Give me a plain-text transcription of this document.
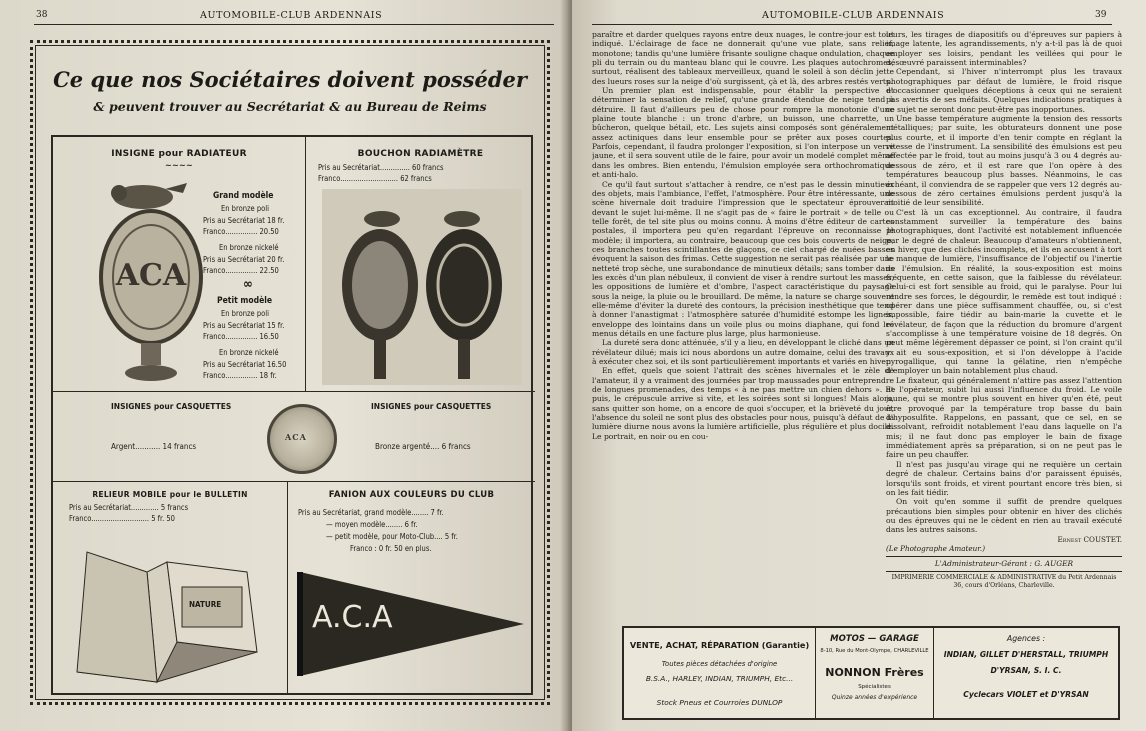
38	AUTOMOBILE-CLUB ARDENNAIS
Ce que nos Sociétaires doivent posséder
& peuvent trouver au Secrétariat & au Bureau de Reims
INSIGNE pour RADIATEUR
~~~~
ACA
Grand modèle
En bronze poli
Pris au Secrétariat 18 fr.
Franco............... 20.50
En bronze nickelé
Pris au Secrétariat 20 fr.
Franco............... 22.50
∞
Petit modèle
En bronze poli
Pris au Secrétariat 15 fr.
Franco............... 16.50
En bronze nickelé
Pris au Secrétariat 16.50
Franco............... 18 fr.
BOUCHON RADIAMÈTRE
Pris au Secrétariat.............. 60 francs
Franco........................... 62 francs
INSIGNES pour CASQUETTES
Argent........... 14 francs
ACA
INSIGNES pour CASQUETTES
Bronze argenté.... 6 francs
RELIEUR MOBILE pour le BULLETIN
Pris au Secrétariat............. 5 francs
Franco........................... 5 fr. 50
NATURE
FANION AUX COULEURS DU CLUB
Pris au Secrétariat, grand modèle........ 7 fr.
— moyen modèle........ 6 fr.
— petit modèle, pour Moto-Club.... 5 fr.
Franco : 0 fr. 50 en plus.
A.C.A
AUTOMOBILE-CLUB ARDENNAIS	39

paraître et darder quelques rayons entre deux nuages, le contre-jour est tout indiqué. L'éclairage de face ne donnerait qu'une vue plate, sans relief, monotone; tandis qu'une lumière frisante souligne chaque ondulation, chaque pli du terrain ou du manteau blanc qui le couvre. Les plaques autochromes, surtout, réalisent des tableaux merveilleux, quand le soleil à son déclin jette des lueurs roses sur la neige d'où surgissent, çà et là, des arbres restés verts.

Un premier plan est indispensable, pour établir la perspective et déterminer la sensation de relief, qu'une grande étendue de neige tend à détruire. Il faut d'ailleurs peu de chose pour rompre la monotonie d'une plaine toute blanche : un tronc d'arbre, un buisson, une charrette, un bûcheron, quelque bétail, etc. Les sujets ainsi composés sont généralement assez actiniques dans leur ensemble pour se prêter aux poses courtes. Parfois, cependant, il faudra prolonger l'exposition, si l'on interpose un verre jaune, et il sera souvent utile de le faire, pour avoir un modelé complet même dans les ombres. Bien entendu, l'émulsion employée sera orthochromatique et anti-halo.

Ce qu'il faut surtout s'attacher à rendre, ce n'est pas le dessin minutieux des objets, mais l'ambiance, l'effet, l'atmosphère. Pour être intéressante, une scène hivernale doit traduire l'impression que le spectateur éprouverait devant le sujet lui-même. Il ne s'agit pas de « faire le portrait » de telle ou telle forêt, de tel site plus ou moins connu. À moins d'être éditeur de cartes postales, il importera peu qu'en regardant l'épreuve on reconnaisse le modèle; il importera, au contraire, beaucoup que ces bois couverts de neige, ces branches toutes scintillantes de glaçons, ce ciel chargé de nuées basses évoquent la saison des frimas. Cette suggestion ne serait pas réalisée par une netteté trop sèche, une surabondance de minutieux détails; sans tomber dans les excès d'un plan nébuleux, il convient de viser à rendre surtout les masses, les oppositions de lumière et d'ombre, l'aspect caractéristique du paysage sous la neige, la pluie ou le brouillard. De même, la nature se charge souvent elle-même d'éviter la dureté des contours, la précision inesthétique que tend à donner l'anastigmat : l'atmosphère saturée d'humidité estompe les lignes, enveloppe des lointains dans un voile plus ou moins diaphane, qui fond les menus détails en une facture plus large, plus harmonieuse.

La dureté sera donc atténuée, s'il y a lieu, en développant le cliché dans un révélateur dilué; mais ici nous abordons un autre domaine, celui des travaux à exécuter chez soi, et ils sont particulièrement importants et variés en hiver.

En effet, quels que soient l'attrait des scènes hivernales et le zèle de l'amateur, il y a vraiment des journées par trop maussades pour entreprendre de longues promenades, des temps « à ne pas mettre un chien dehors ». Et puis, le crépuscule arrive si vite, et les soirées sont si longues! Mais alors, sans quitter son home, on a encore de quoi s'occuper, et la brièveté du jour, l'absence du soleil ne sont plus des obstacles pour nous, puisqu'à défaut de la lumière diurne nous avons la lumière artificielle, plus régulière et plus docile. Le portrait, en noir ou en cou-

leurs, les tirages de diapositifs ou d'épreuves sur papiers à image latente, les agrandissements, n'y a-t-il pas là de quoi employer ses loisirs, pendant les veillées qui pour le désœuvré paraissent interminables?

Cependant, si l'hiver n'interrompt plus les travaux photographiques par défaut de lumière, le froid risque d'occasionner quelques déceptions à ceux qui ne seraient pas avertis de ses méfaits. Quelques indications pratiques à ce sujet ne seront donc peut-être pas inopportunes.

Une basse température augmente la tension des ressorts métalliques; par suite, les obturateurs donnent une pose plus courte, et il importe d'en tenir compte en réglant la vitesse de l'instrument. La sensibilité des émulsions est peu affectée par le froid, tout au moins jusqu'à 3 ou 4 degrés au-dessous de zéro, et il est rare que l'on opère à des températures beaucoup plus basses. Néanmoins, le cas échéant, il conviendra de se rappeler que vers 12 degrés au-dessous de zéro certaines émulsions perdent jusqu'à la moitié de leur sensibilité.

C'est là un cas exceptionnel. Au contraire, il faudra constamment surveiller la température des bains photographiques, dont l'activité est notablement influencée par le degré de chaleur. Beaucoup d'amateurs n'obtiennent, en hiver, que des clichés incomplets, et ils en accusent à tort le manque de lumière, l'insuffisance de l'objectif ou l'inertie de l'émulsion. En réalité, la sous-exposition est moins fréquente, en cette saison, que la faiblesse du révélateur. Celui-ci est fort sensible au froid, qui le paralyse. Pour lui rendre ses forces, le dégourdir, le remède est tout indiqué : opérer dans une pièce suffisamment chauffée, ou, si c'est impossible, faire tiédir au bain-marie la cuvette et le révélateur, de façon que la réduction du bromure d'argent s'accomplisse à une température voisine de 18 degrés. On peut même légèrement dépasser ce point, si l'on craint qu'il y ait eu sous-exposition, et si l'on développe à l'acide pyrogallique, qui tanne la gélatine, rien n'empêche d'employer un bain notablement plus chaud.

Le fixateur, qui généralement n'attire pas assez l'attention de l'opérateur, subit lui aussi l'influence du froid. Le voile jaune, qui se montre plus souvent en hiver qu'en été, peut être provoqué par la température trop basse du bain d'hyposulfite. Rappelons, en passant, que ce sel, en se dissolvant, refroidit notablement l'eau dans laquelle on l'a mis; il ne faut donc pas employer le bain de fixage immédiatement après sa préparation, si on ne peut pas le faire un peu chauffer.

Il n'est pas jusqu'au virage qui ne requière un certain degré de chaleur. Certains bains d'or paraissent épuisés, lorsqu'ils sont froids, et virent pourtant encore très bien, si on les fait tiédir.

On voit qu'en somme il suffit de prendre quelques précautions bien simples pour obtenir en hiver des clichés ou des épreuves qui ne le cèdent en rien au travail exécuté dans les autres saisons.

Ernest COUSTET.
(Le Photographe Amateur.)
L'Administrateur-Gérant : G. AUGER
IMPRIMERIE COMMERCIALE & ADMINISTRATIVE du Petit Ardennais 36, cours d'Orléans, Charleville.
VENTE, ACHAT, RÉPARATION (Garantie)
Toutes pièces détachées d'origine
B.S.A., HARLEY, INDIAN, TRIUMPH, Etc...
Stock Pneus et Courroies DUNLOP
MOTOS — GARAGE
8-10, Rue du Mont-Olympe, CHARLEVILLE
NONNON Frères
Spécialistes
Quinze années d'expérience
Agences :
INDIAN, GILLET D'HERSTALL, TRIUMPH
D'YRSAN, S. I. C.
Cyclecars VIOLET et D'YRSAN
